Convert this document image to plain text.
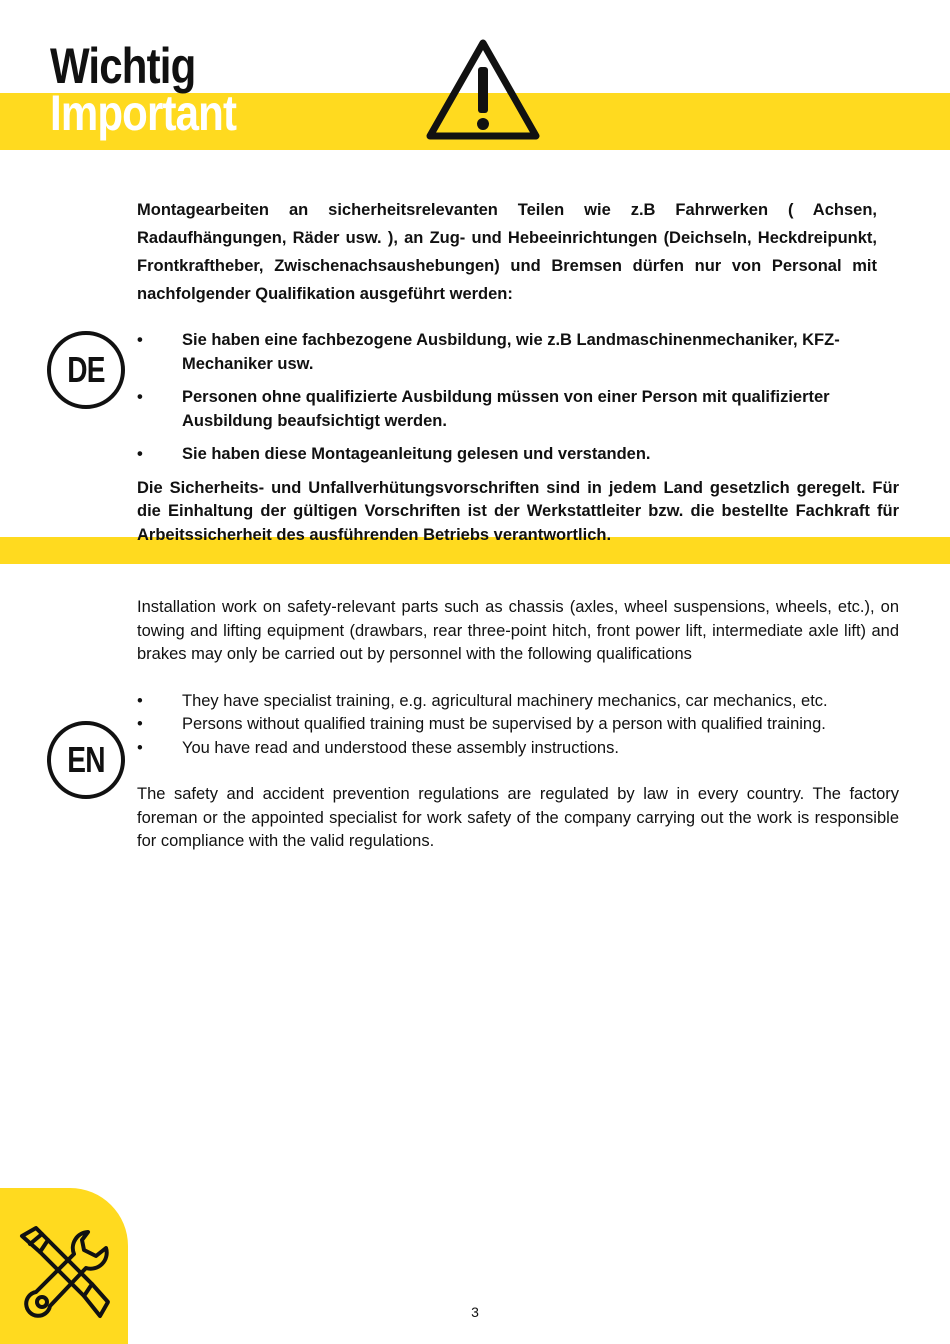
Wichtig
Important
DE

Montagearbeiten an sicherheitsrelevanten Teilen wie z.B Fahrwerken ( Achsen, Radaufhängungen, Räder usw. ), an Zug- und Hebeeinrichtungen (Deichseln, Heckdreipunkt, Frontkraftheber, Zwischenachsaushebungen) und Bremsen dürfen nur von Personal mit nachfolgender Qualifikation ausgeführt werden:

• Sie haben eine fachbezogene Ausbildung, wie z.B Landmaschinenmechaniker, KFZ-Mechaniker usw.
• Personen ohne qualifizierte Ausbildung müssen von einer Person mit qualifizierter Ausbildung beaufsichtigt werden.
• Sie haben diese Montageanleitung gelesen und verstanden.

Die Sicherheits- und Unfallverhütungsvorschriften sind in jedem Land gesetzlich geregelt. Für die Einhaltung der gültigen Vorschriften ist der Werkstattleiter bzw. die bestellte Fachkraft für Arbeitssicherheit des ausführenden Betriebs verantwortlich.

EN

Installation work on safety-relevant parts such as chassis (axles, wheel suspensions, wheels, etc.), on towing and lifting equipment (drawbars, rear three-point hitch, front power lift, intermediate axle lift) and brakes may only be carried out by personnel with the following qualifications

• They have specialist training, e.g. agricultural machinery mechanics, car mechanics, etc.
• Persons without qualified training must be supervised by a person with qualified training.
• You have read and understood these assembly instructions.

The safety and accident prevention regulations are regulated by law in every country. The factory foreman or the appointed specialist for work safety of the company carrying out the work is responsible for compliance with the valid regulations.

3
